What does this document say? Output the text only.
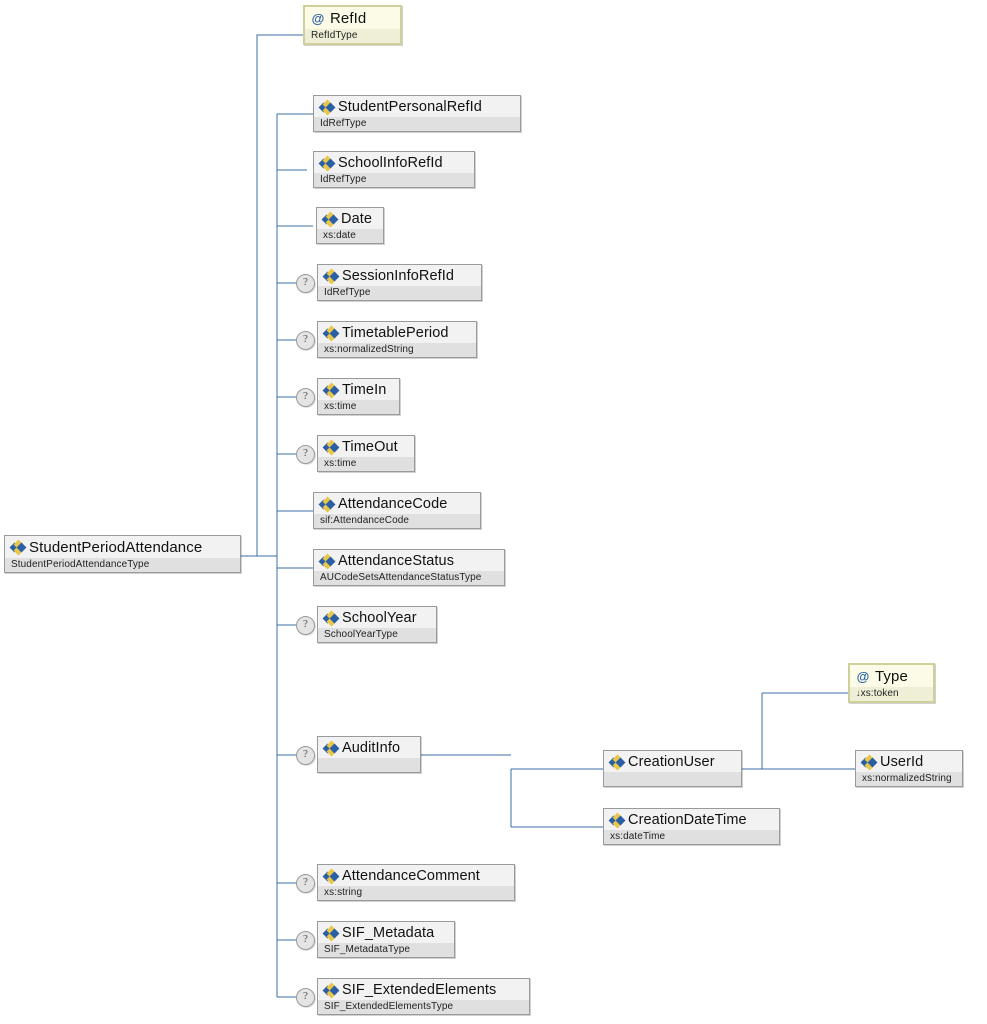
StudentPeriodAttendance
StudentPeriodAttendanceType
@ RefId
RefIdType
StudentPersonalRefId
IdRefType
SchoolInfoRefId
IdRefType
Date
xs:date
?	SessionInfoRefId
IdRefType
?	TimetablePeriod
xs:normalizedString
?	TimeIn
xs:time
?	TimeOut
xs:time
AttendanceCode
sif:AttendanceCode
AttendanceStatus
AUCodeSetsAttendanceStatusType
?	SchoolYear
SchoolYearType
?	AuditInfo

CreationUser

@ Type
↓xs:token
UserId
xs:normalizedString
CreationDateTime
xs:dateTime
?	AttendanceComment
xs:string
?	SIF_Metadata
SIF_MetadataType
?	SIF_ExtendedElements
SIF_ExtendedElementsType
